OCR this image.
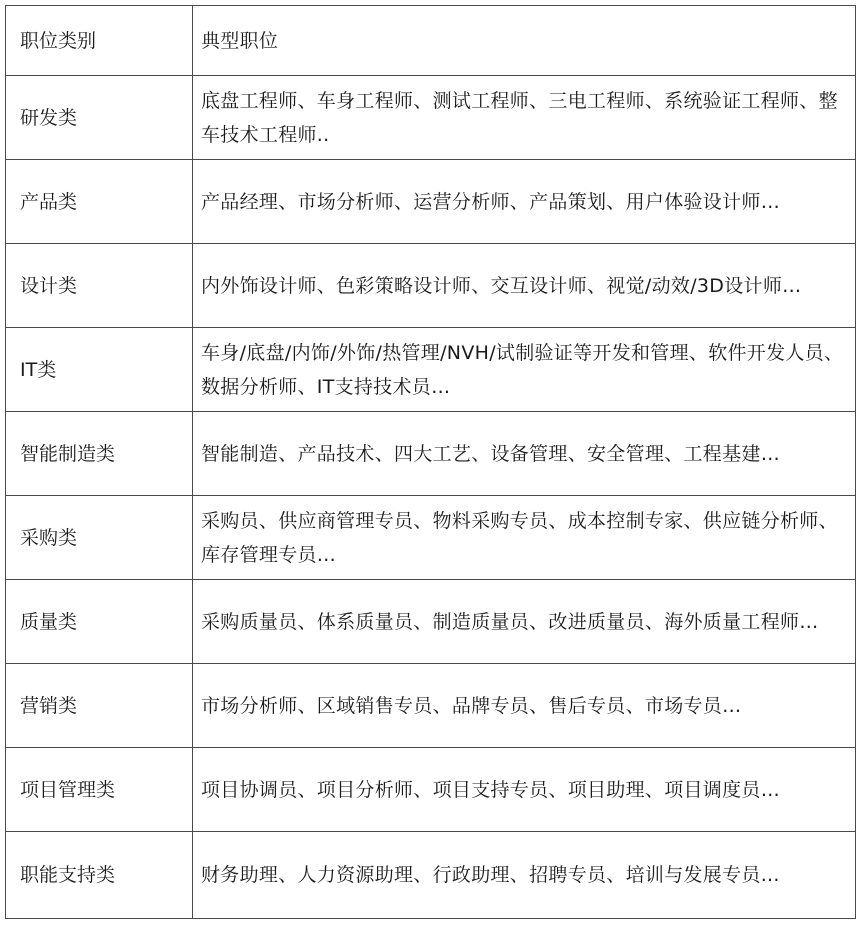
职位类别	典型职位
研发类	底盘工程师、车身工程师、测试工程师、三电工程师、系统验证工程师、整车技术工程师..
产品类	产品经理、市场分析师、运营分析师、产品策划、用户体验设计师…
设计类	内外饰设计师、色彩策略设计师、交互设计师、视觉/动效/3D设计师…
IT类	车身/底盘/内饰/外饰/热管理/NVH/试制验证等开发和管理、软件开发人员、数据分析师、IT支持技术员…
智能制造类	智能制造、产品技术、四大工艺、设备管理、安全管理、工程基建…
采购类	采购员、供应商管理专员、物料采购专员、成本控制专家、供应链分析师、库存管理专员…
质量类	采购质量员、体系质量员、制造质量员、改进质量员、海外质量工程师…
营销类	市场分析师、区域销售专员、品牌专员、售后专员、市场专员…
项目管理类	项目协调员、项目分析师、项目支持专员、项目助理、项目调度员…
职能支持类	财务助理、人力资源助理、行政助理、招聘专员、培训与发展专员...
